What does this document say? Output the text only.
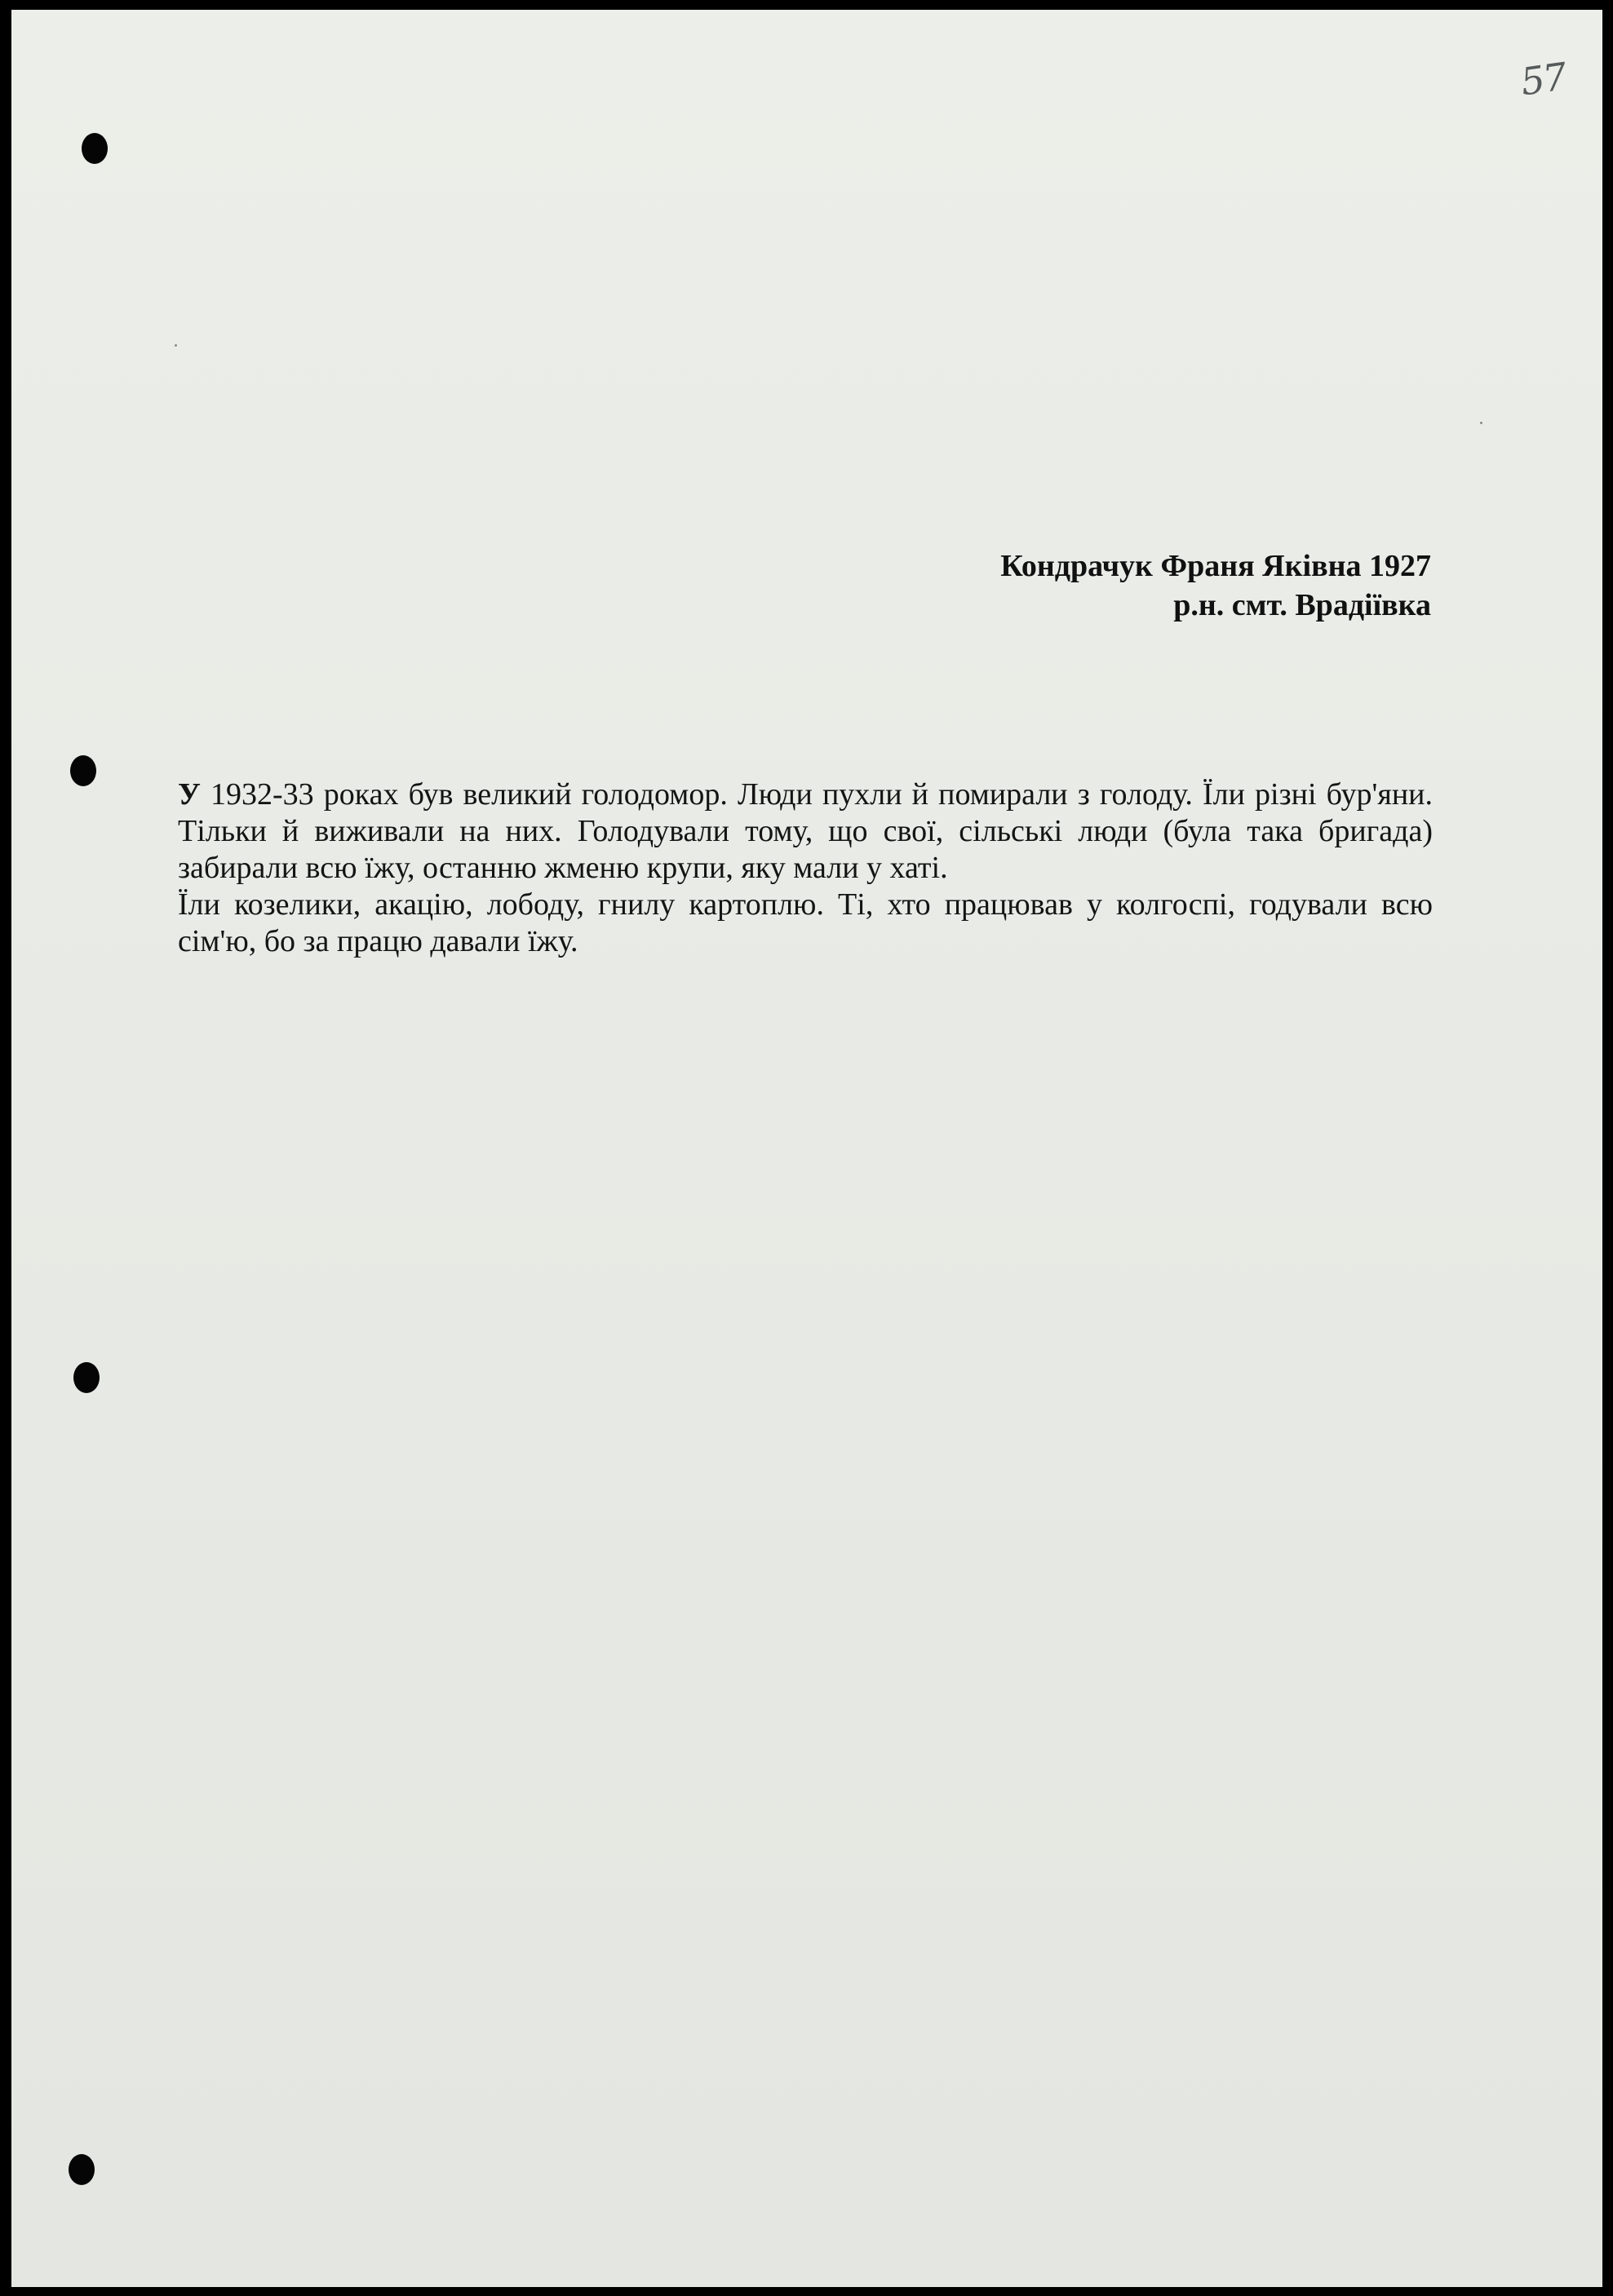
57
Кондрачук Франя Яківна 1927
р.н. смт. Врадіївка

У 1932-33 роках був великий голодомор. Люди пухли й помирали з голоду. Їли різні бур'яни. Тільки й виживали на них. Голодували тому, що свої, сільські люди (була така бригада) забирали всю їжу, останню жменю крупи, яку мали у хаті.

Їли козелики, акацію, лободу, гнилу картоплю. Ті, хто працював у колгоспі, годували всю сім'ю, бо за працю давали їжу.
